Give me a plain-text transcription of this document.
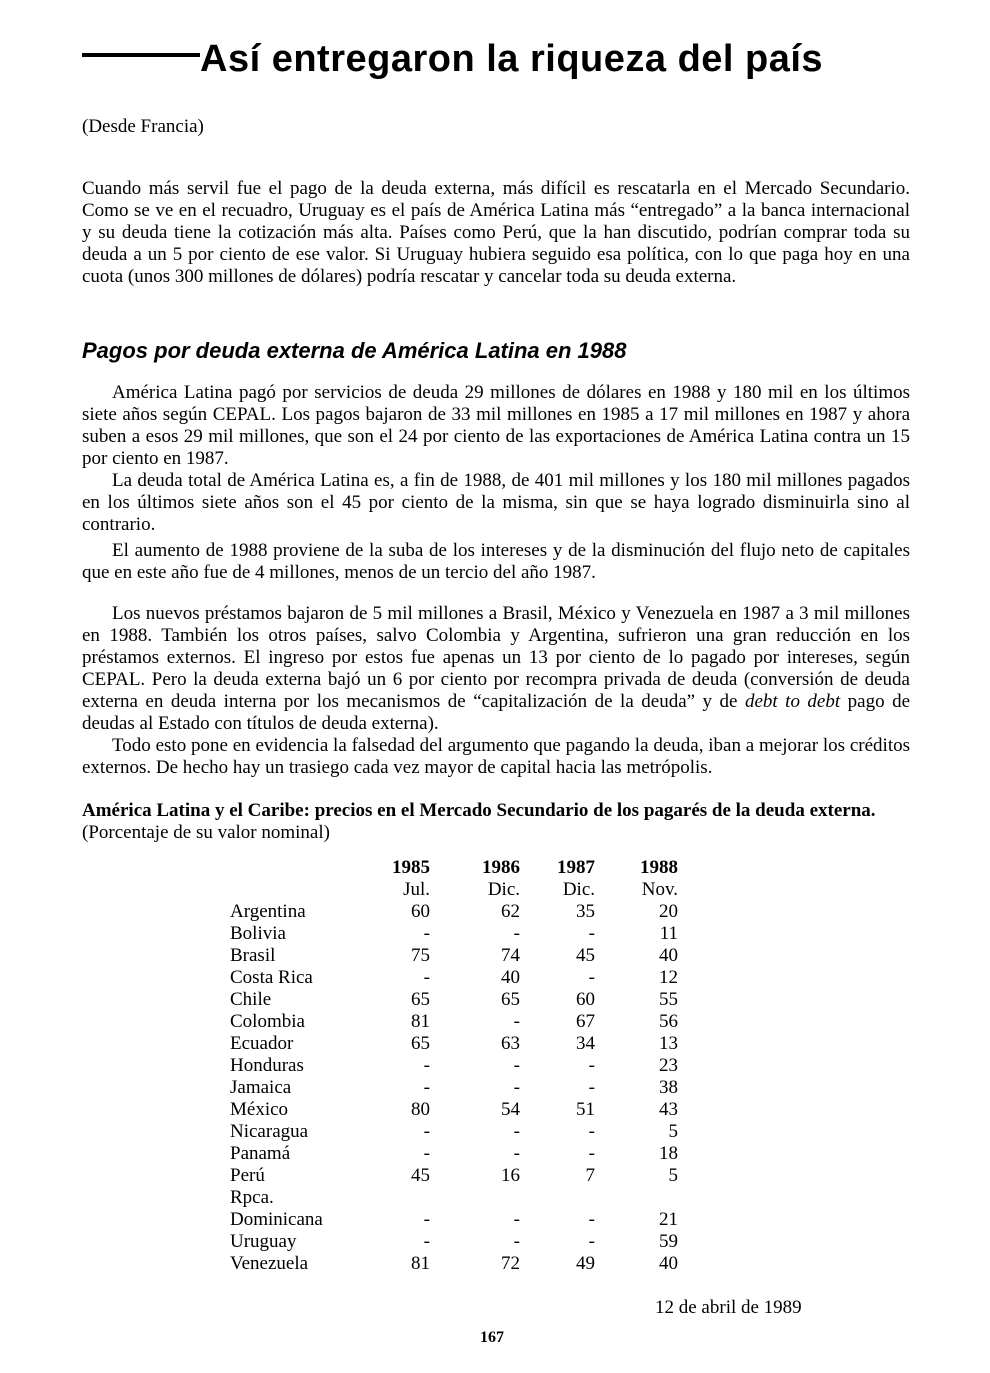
Así entregaron la riqueza del país
(Desde Francia)
Cuando más servil fue el pago de la deuda externa, más difícil es rescatarla en el Mercado Secundario. Como se ve en el recuadro, Uruguay es el país de América Latina más “entregado” a la banca internacional y su deuda tiene la cotización más alta. Países como Perú, que la han discutido, podrían comprar toda su deuda a un 5 por ciento de ese valor. Si Uruguay hubiera seguido esa política, con lo que paga hoy en una cuota (unos 300 millones de dólares) podría rescatar y cancelar toda su deuda externa.
Pagos por deuda externa de América Latina en 1988
América Latina pagó por servicios de deuda 29 millones de dólares en 1988 y 180 mil en los últimos siete años según CEPAL. Los pagos bajaron de 33 mil millones en 1985 a 17 mil millones en 1987 y ahora suben a esos 29 mil millones, que son el 24 por ciento de las exportaciones de América Latina contra un 15 por ciento en 1987.
La deuda total de América Latina es, a fin de 1988, de 401 mil millones y los 180 mil millones pagados en los últimos siete años son el 45 por ciento de la misma, sin que se haya logrado disminuirla sino al contrario.
El aumento de 1988 proviene de la suba de los intereses y de la disminución del flujo neto de capitales que en este año fue de 4 millones, menos de un tercio del año 1987.
Los nuevos préstamos bajaron de 5 mil millones a Brasil, México y Venezuela en 1987 a 3 mil millones en 1988. También los otros países, salvo Colombia y Argentina, sufrieron una gran reducción en los préstamos externos. El ingreso por estos fue apenas un 13 por ciento de lo pagado por intereses, según CEPAL. Pero la deuda externa bajó un 6 por ciento por recompra privada de deuda (conversión de deuda externa en deuda interna por los mecanismos de “capitalización de la deuda” y de debt to debt pago de deudas al Estado con títulos de deuda externa).
Todo esto pone en evidencia la falsedad del argumento que pagando la deuda, iban a mejorar los créditos externos. De hecho hay un trasiego cada vez mayor de capital hacia las metrópolis.
América Latina y el Caribe: precios en el Mercado Secundario de los pagarés de la deuda externa.
(Porcentaje de su valor nominal)
1985	1986	1987	1988
Jul.	Dic.	Dic.	Nov.
Argentina	60	62	35	20
Bolivia	-	-	-	11
Brasil	75	74	45	40
Costa Rica	-	40	-	12
Chile	65	65	60	55
Colombia	81	-	67	56
Ecuador	65	63	34	13
Honduras	-	-	-	23
Jamaica	-	-	-	38
México	80	54	51	43
Nicaragua	-	-	-	5
Panamá	-	-	-	18
Perú	45	16	7	5
Rpca.
Dominicana	-	-	-	21
Uruguay	-	-	-	59
Venezuela	81	72	49	40
12 de abril de 1989
167
